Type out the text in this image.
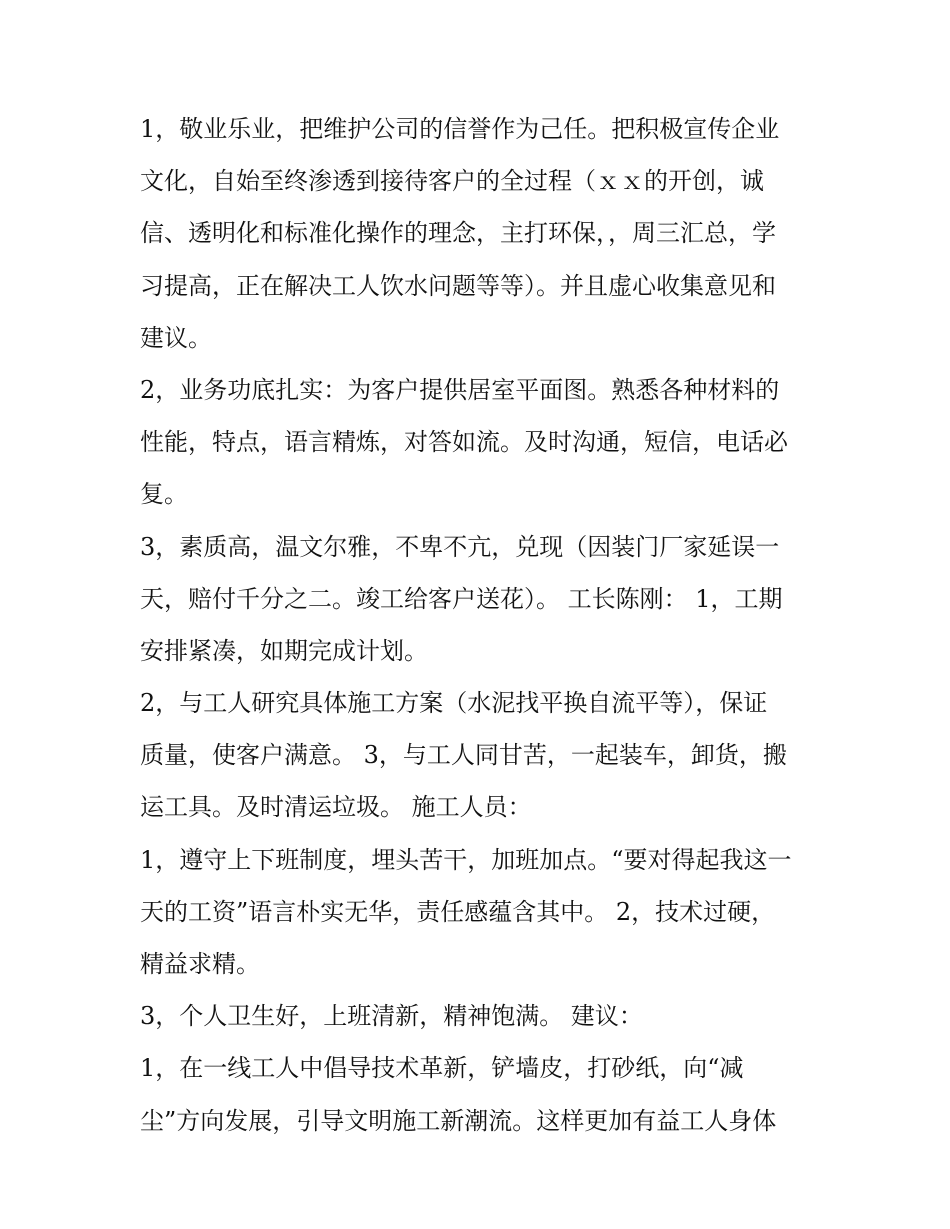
1，敬业乐业，把维护公司的信誉作为己任。把积极宣传企业

文化，自始至终渗透到接待客户的全过程（ｘｘ的开创，诚

信、透明化和标准化操作的理念，主打环保，，周三汇总，学

习提高，正在解决工人饮水问题等等）。并且虚心收集意见和

建议。

2，业务功底扎实：为客户提供居室平面图。熟悉各种材料的

性能，特点，语言精炼，对答如流。及时沟通，短信，电话必

复。

3，素质高，温文尔雅，不卑不亢，兑现（因装门厂家延误一

天，赔付千分之二。竣工给客户送花）。 工长陈刚： 1，工期

安排紧凑，如期完成计划。

2，与工人研究具体施工方案（水泥找平换自流平等），保证

质量，使客户满意。 3，与工人同甘苦，一起装车，卸货，搬

运工具。及时清运垃圾。 施工人员：

1，遵守上下班制度，埋头苦干，加班加点。“要对得起我这一

天的工资”语言朴实无华，责任感蕴含其中。 2，技术过硬，

精益求精。

3，个人卫生好，上班清新，精神饱满。 建议：

1，在一线工人中倡导技术革新，铲墙皮，打砂纸，向“减

尘”方向发展，引导文明施工新潮流。这样更加有益工人身体
